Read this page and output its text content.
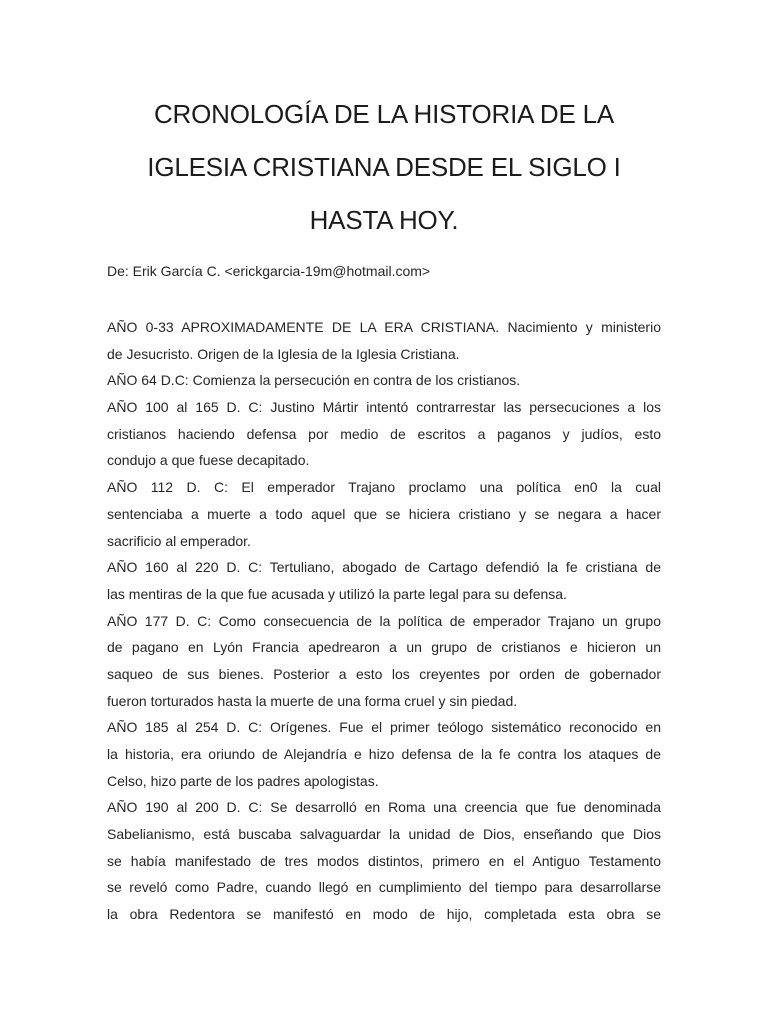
CRONOLOGÍA DE LA HISTORIA DE LA
IGLESIA CRISTIANA DESDE EL SIGLO I
HASTA HOY.
De: Erik García C. <erickgarcia-19m@hotmail.com>
AÑO 0-33 APROXIMADAMENTE DE LA ERA CRISTIANA. Nacimiento y ministerio
de Jesucristo. Origen de la Iglesia de la Iglesia Cristiana.
AÑO 64 D.C: Comienza la persecución en contra de los cristianos.
AÑO 100 al 165 D. C: Justino Mártir intentó contrarrestar las persecuciones a los
cristianos haciendo defensa por medio de escritos a paganos y judíos, esto
condujo a que fuese decapitado.
AÑO 112 D. C: El emperador Trajano proclamo una política en0 la cual
sentenciaba a muerte a todo aquel que se hiciera cristiano y se negara a hacer
sacrificio al emperador.
AÑO 160 al 220 D. C: Tertuliano, abogado de Cartago defendió la fe cristiana de
las mentiras de la que fue acusada y utilizó la parte legal para su defensa.
AÑO 177 D. C: Como consecuencia de la política de emperador Trajano un grupo
de pagano en Lyón Francia apedrearon a un grupo de cristianos e hicieron un
saqueo de sus bienes. Posterior a esto los creyentes por orden de gobernador
fueron torturados hasta la muerte de una forma cruel y sin piedad.
AÑO 185 al 254 D. C: Orígenes. Fue el primer teólogo sistemático reconocido en
la historia, era oriundo de Alejandría e hizo defensa de la fe contra los ataques de
Celso, hizo parte de los padres apologistas.
AÑO 190 al 200 D. C: Se desarrolló en Roma una creencia que fue denominada
Sabelianismo, está buscaba salvaguardar la unidad de Dios, enseñando que Dios
se había manifestado de tres modos distintos, primero en el Antiguo Testamento
se reveló como Padre, cuando llegó en cumplimiento del tiempo para desarrollarse
la obra Redentora se manifestó en modo de hijo, completada esta obra se
